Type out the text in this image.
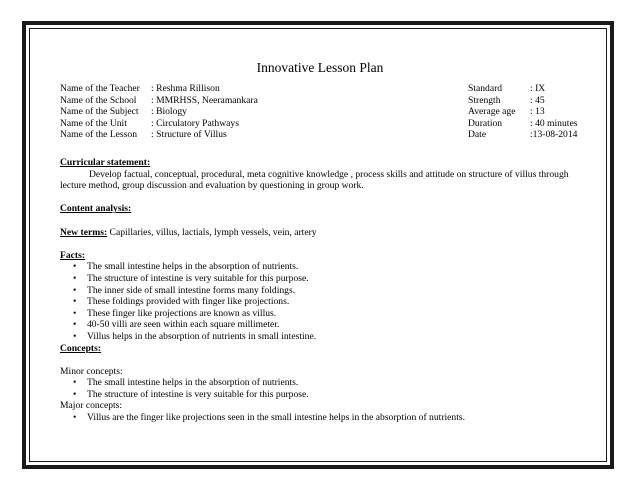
Innovative Lesson Plan
Name of the Teacher : Reshma Rillison	Standard	: IX
Name of the School : MMRHSS, Neeramankara	Strength	: 45
Name of the Subject : Biology	Average age : 13
Name of the Unit	: Circulatory Pathways	Duration	: 40 minutes
Name of the Lesson : Structure of Villus	Date	:13-08-2014
Curricular statement:
Develop factual, conceptual, procedural, meta cognitive knowledge , process skills and attitude on structure of villus through
lecture method, group discussion and evaluation by questioning in group work.
Content analysis:
New terms: Capillaries, villus, lactials, lymph vessels, vein, artery
Facts:
• The small intestine helps in the absorption of nutrients.
• The structure of intestine is very suitable for this purpose.
• The inner side of small intestine forms many foldings.
• These foldings provided with finger like projections.
• These finger like projections are known as villus.
• 40-50 villi are seen within each square millimeter.
• Villus helps in the absorption of nutrients in small intestine.
Concepts:
Minor concepts:
• The small intestine helps in the absorption of nutrients.
• The structure of intestine is very suitable for this purpose.
Major concepts:
• Villus are the finger like projections seen in the small intestine helps in the absorption of nutrients.
